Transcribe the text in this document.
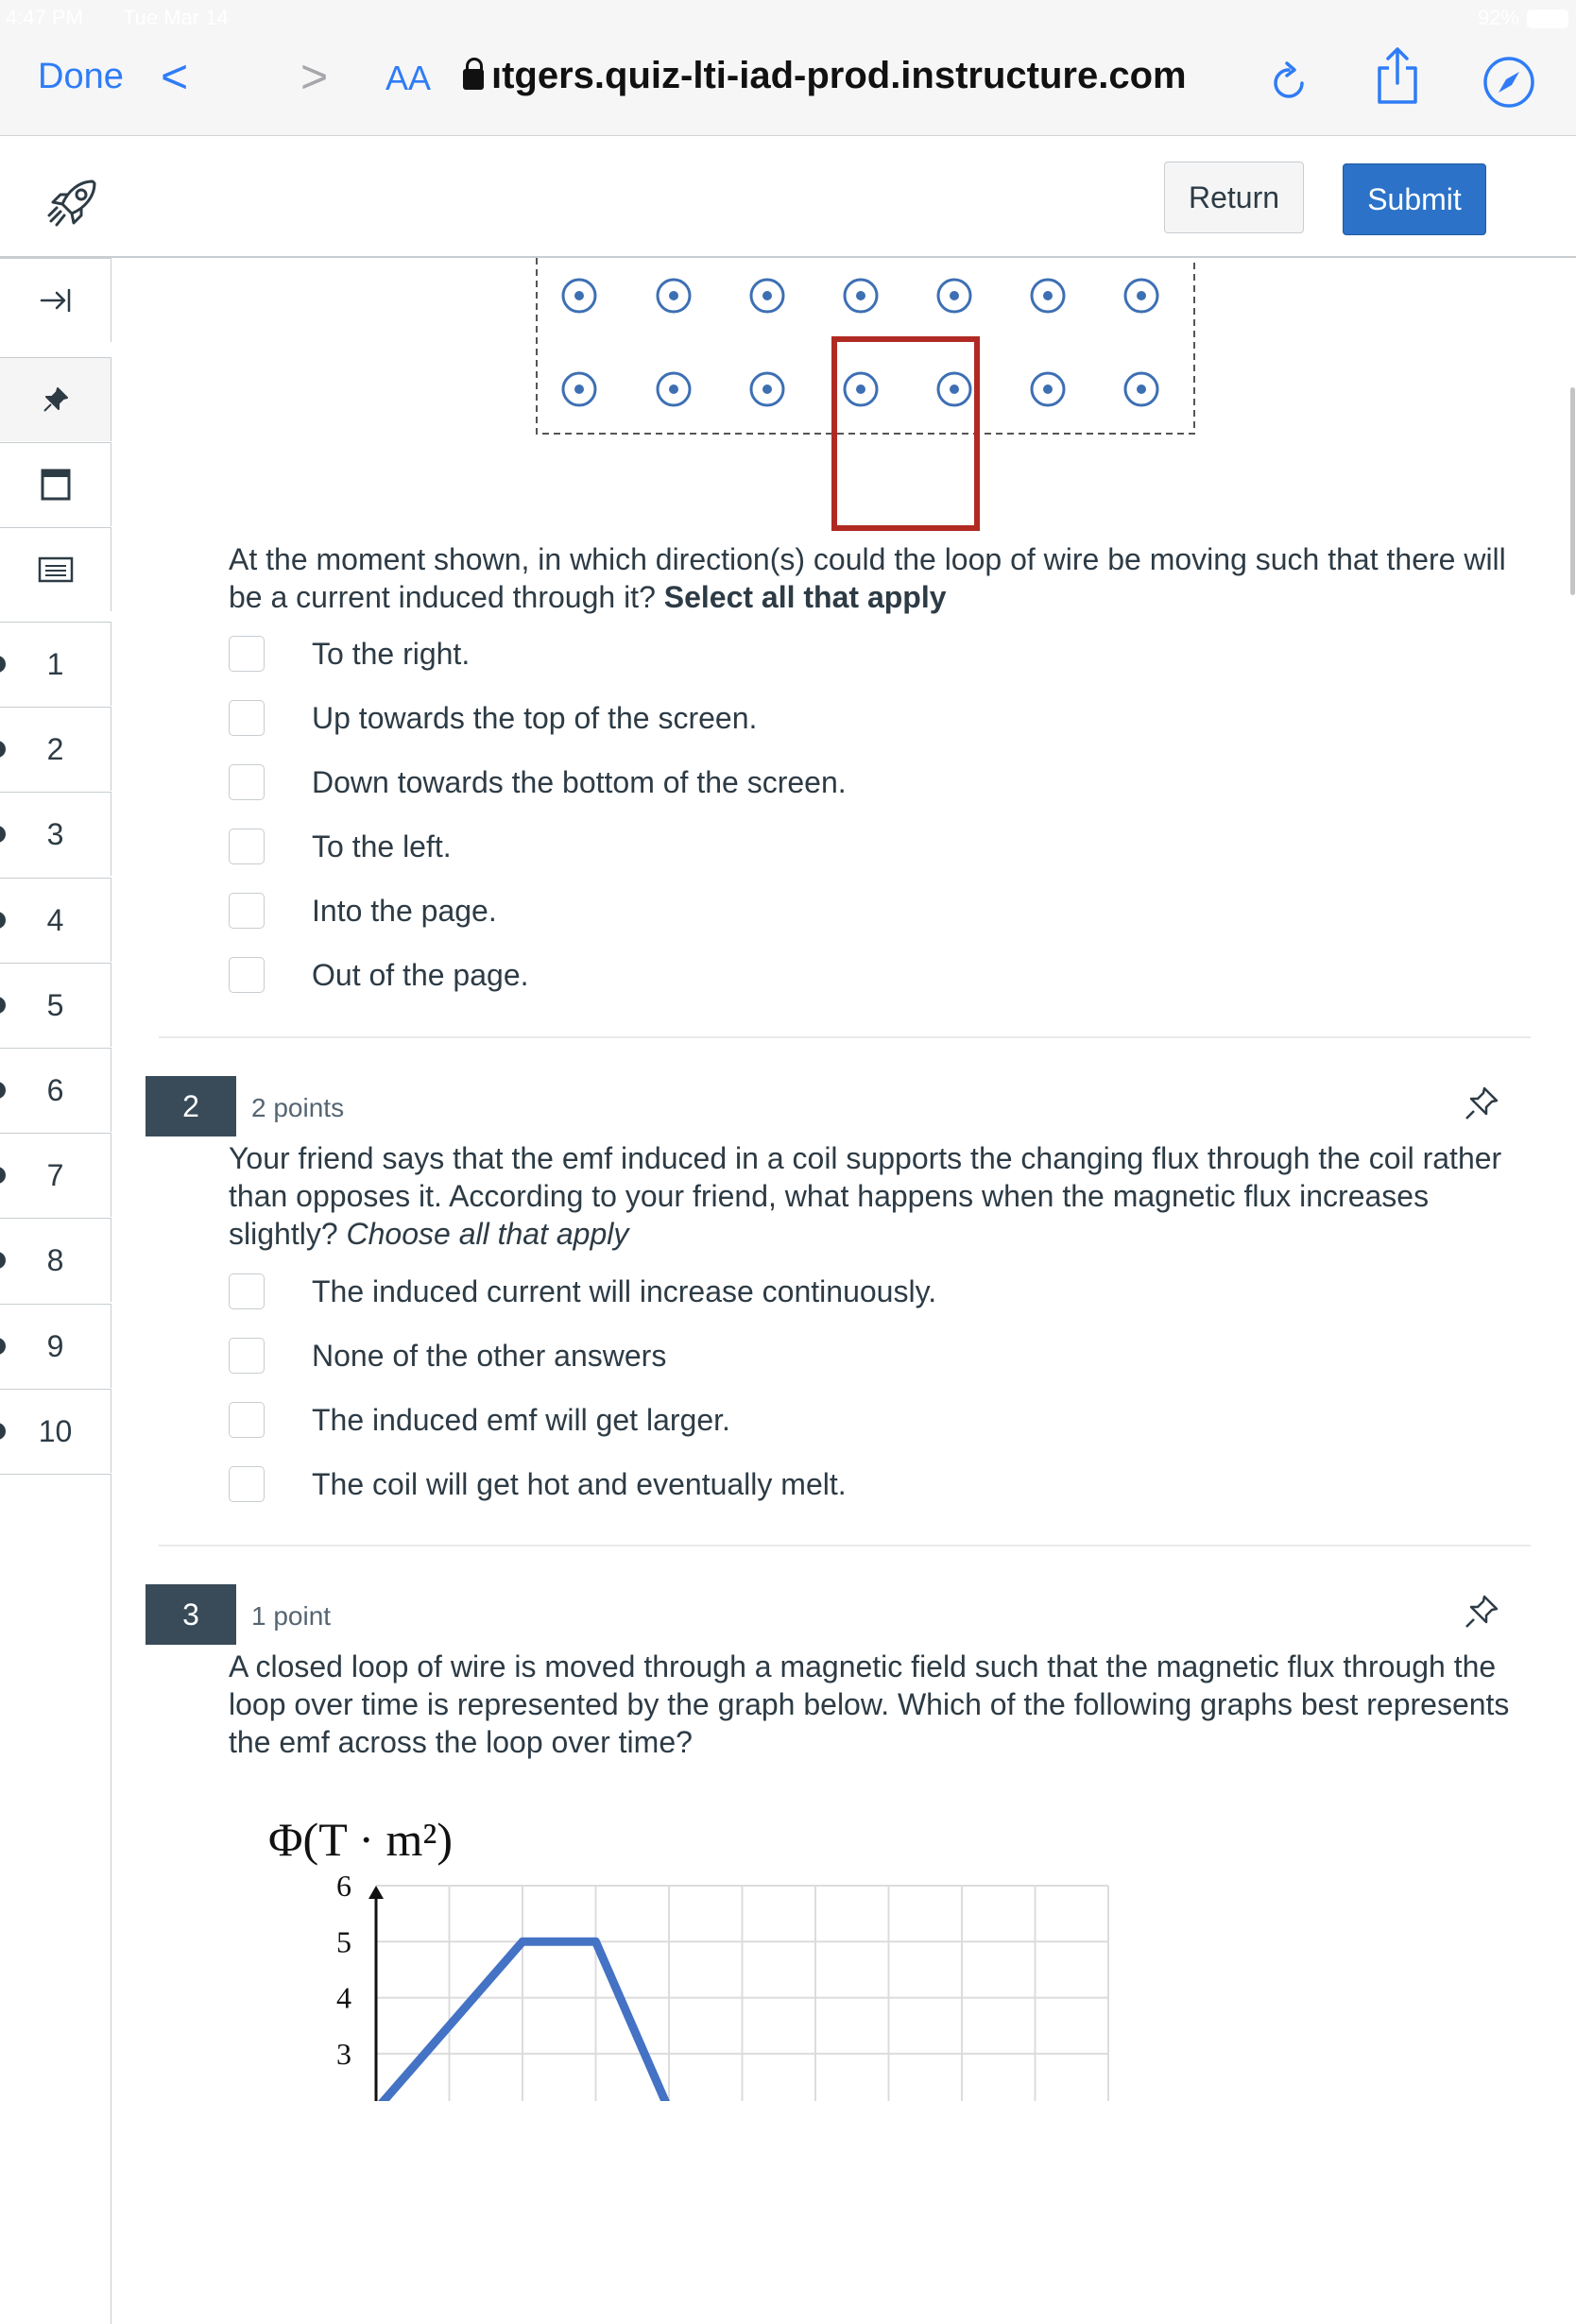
4:47 PM Tue Mar 14	92%
Done < > AA	ıtgers.quiz-lti-iad-prod.instructure.com
Return	Submit
1
2
3
4
5
6
7
8
9
10
At the moment shown, in which direction(s) could the loop of wire be moving such that there will be a current induced through it? Select all that apply
To the right.
Up towards the top of the screen.
Down towards the bottom of the screen.
To the left.
Into the page.
Out of the page.
2	2 points
Your friend says that the emf induced in a coil supports the changing flux through the coil rather than opposes it. According to your friend, what happens when the magnetic flux increases slightly? Choose all that apply
The induced current will increase continuously.
None of the other answers
The induced emf will get larger.
The coil will get hot and eventually melt.
3	1 point
A closed loop of wire is moved through a magnetic field such that the magnetic flux through the loop over time is represented by the graph below. Which of the following graphs best represents the emf across the loop over time?
Φ(T · m²)
6
5
4
3
